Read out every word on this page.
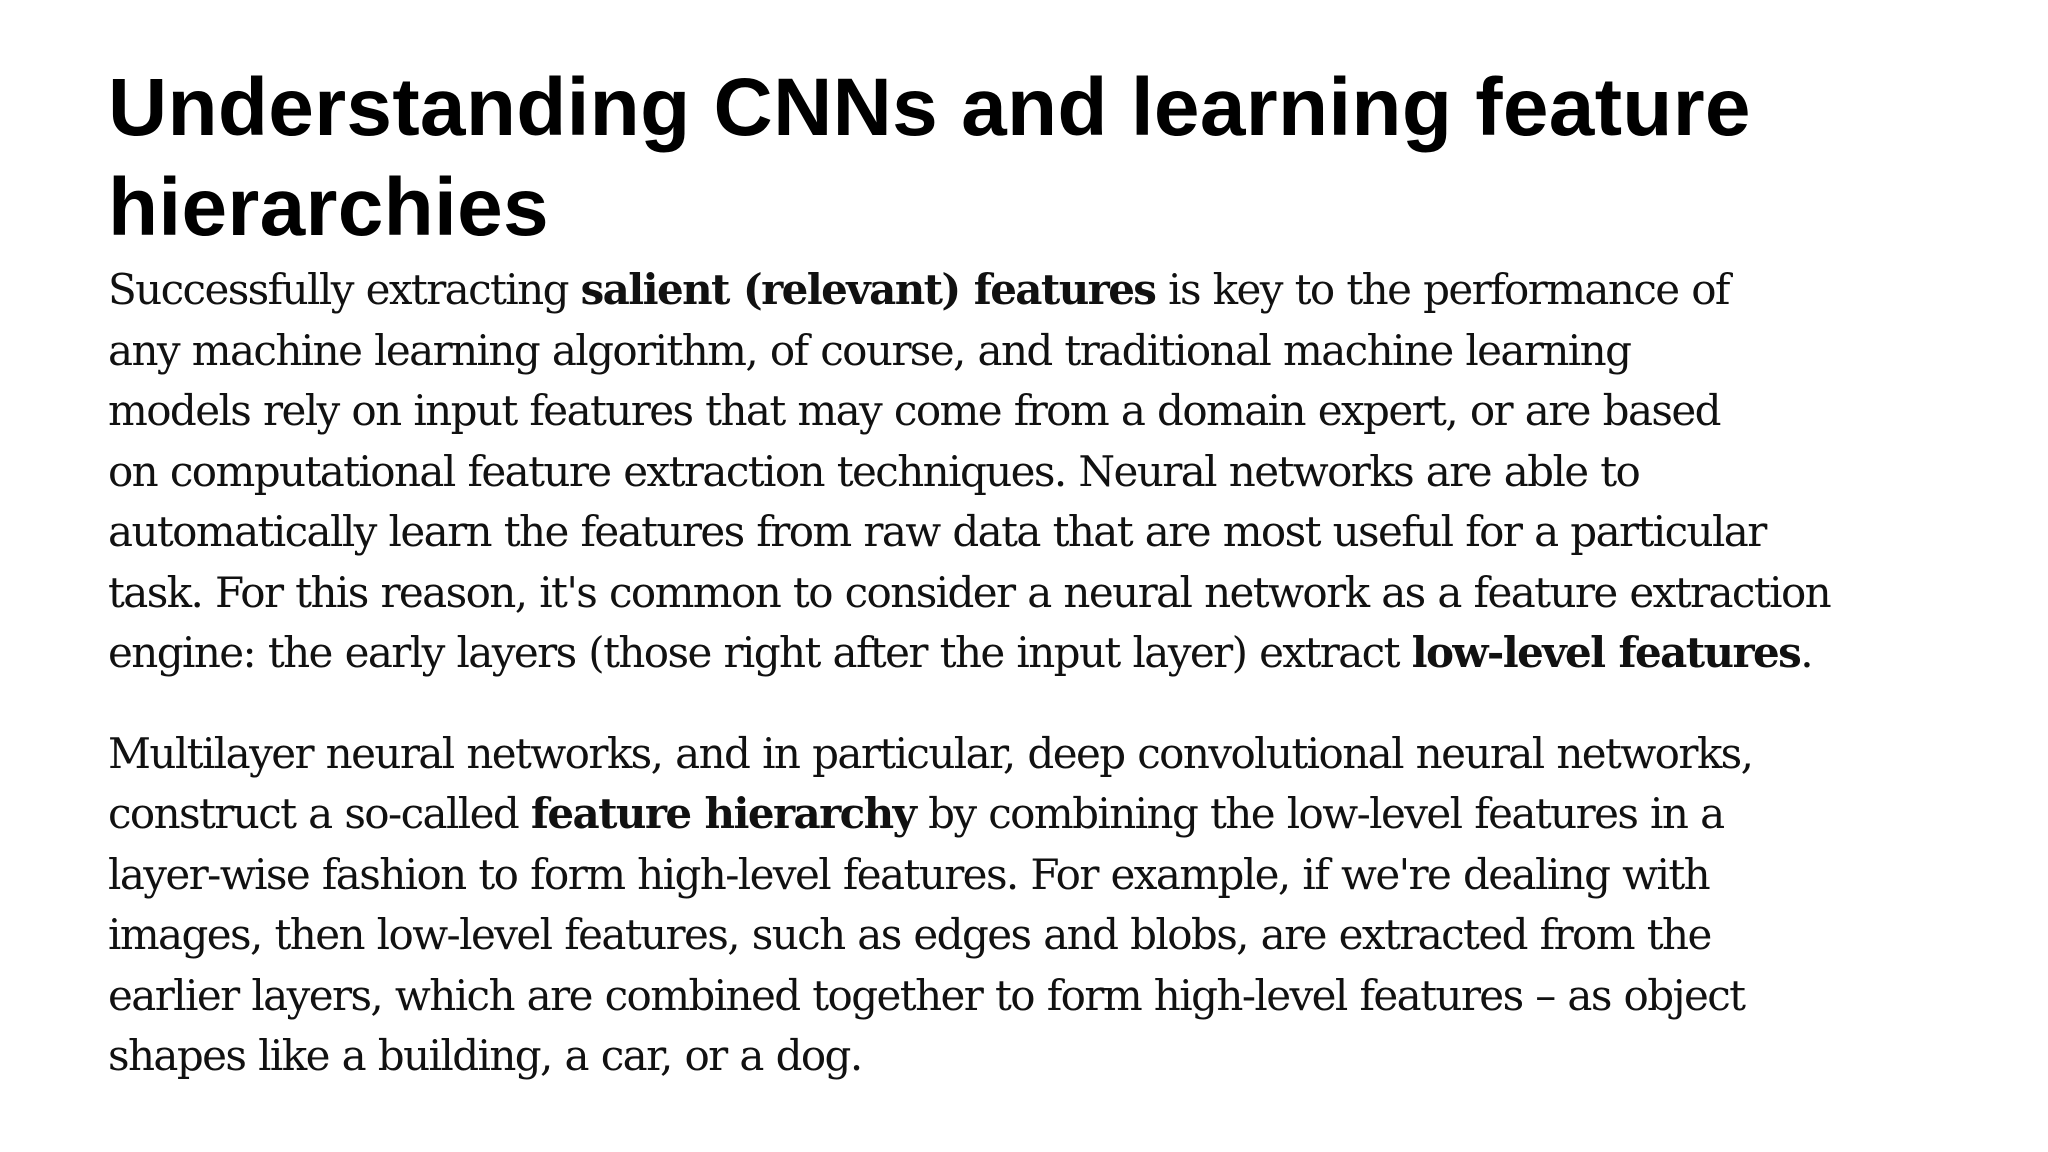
Understanding CNNs and learning feature
hierarchies

Successfully extracting salient (relevant) features is key to the performance of
any machine learning algorithm, of course, and traditional machine learning
models rely on input features that may come from a domain expert, or are based
on computational feature extraction techniques. Neural networks are able to
automatically learn the features from raw data that are most useful for a particular
task. For this reason, it's common to consider a neural network as a feature extraction
engine: the early layers (those right after the input layer) extract low-level features.

Multilayer neural networks, and in particular, deep convolutional neural networks,
construct a so-called feature hierarchy by combining the low-level features in a
layer-wise fashion to form high-level features. For example, if we're dealing with
images, then low-level features, such as edges and blobs, are extracted from the
earlier layers, which are combined together to form high-level features – as object
shapes like a building, a car, or a dog.
